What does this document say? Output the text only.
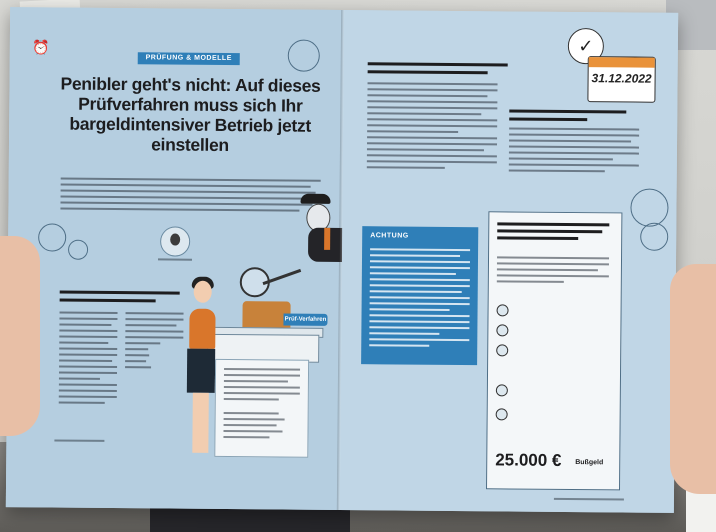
⏰

PRÜFUNG & MODELLE
Penibler geht's nicht: Auf dieses Prüfverfahren muss sich Ihr bargeldintensiver Betrieb jetzt einstellen
Prüf-Verfahren
✓
31.12.2022
ACHTUNG
25.000 € Bußgeld
